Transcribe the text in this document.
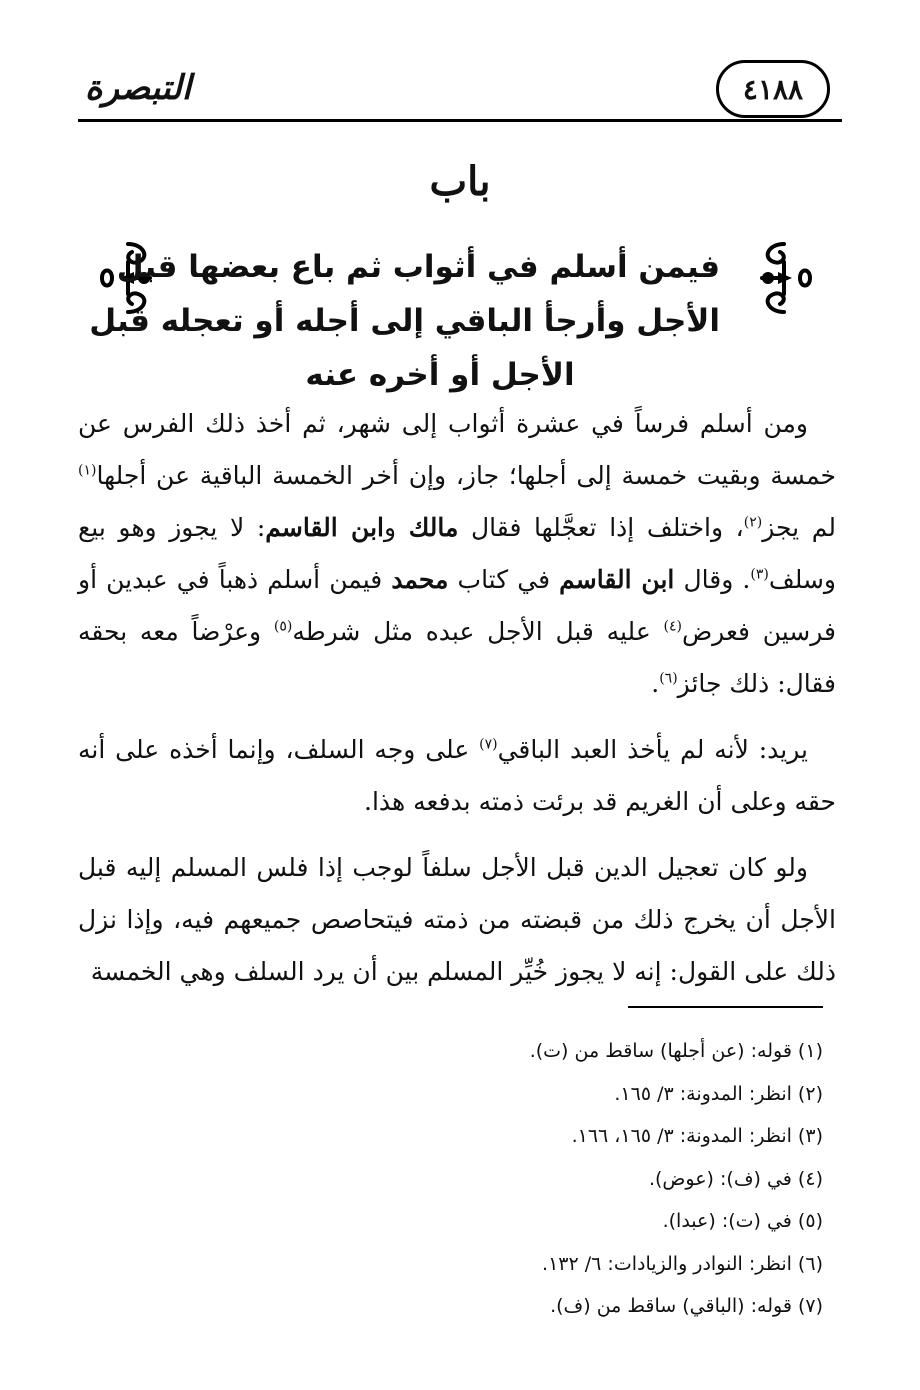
٤١٨٨
التبصرة
باب
فيمن أسلم في أثواب ثم باع بعضها قبل
الأجل وأرجأ الباقي إلى أجله أو تعجله قبل
الأجل أو أخره عنه

ومن أسلم فرساً في عشرة أثواب إلى شهر، ثم أخذ ذلك الفرس عن خمسة وبقيت خمسة إلى أجلها؛ جاز، وإن أخر الخمسة الباقية عن أجلها$^{(١)}$ لم يجز$^{(٢)}$، واختلف إذا تعجَّلها فقال مالك وابن القاسم: لا يجوز وهو بيع وسلف$^{(٣)}$. وقال ابن القاسم في كتاب محمد فيمن أسلم ذهباً في عبدين أو فرسين فعرض$^{(٤)}$ عليه قبل الأجل عبده مثل شرطه$^{(٥)}$ وعرْضاً معه بحقه فقال: ذلك جائز$^{(٦)}$.

يريد: لأنه لم يأخذ العبد الباقي$^{(٧)}$ على وجه السلف، وإنما أخذه على أنه حقه وعلى أن الغريم قد برئت ذمته بدفعه هذا.

ولو كان تعجيل الدين قبل الأجل سلفاً لوجب إذا فلس المسلم إليه قبل الأجل أن يخرج ذلك من قبضته من ذمته فيتحاصص جميعهم فيه، وإذا نزل ذلك على القول: إنه لا يجوز خُيِّر المسلم بين أن يرد السلف وهي الخمسة

(١) قوله: (عن أجلها) ساقط من (ت).
(٢) انظر: المدونة: ٣/ ١٦٥.
(٣) انظر: المدونة: ٣/ ١٦٥، ١٦٦.
(٤) في (ف): (عوض).
(٥) في (ت): (عبدا).
(٦) انظر: النوادر والزيادات: ٦/ ١٣٢.
(٧) قوله: (الباقي) ساقط من (ف).
